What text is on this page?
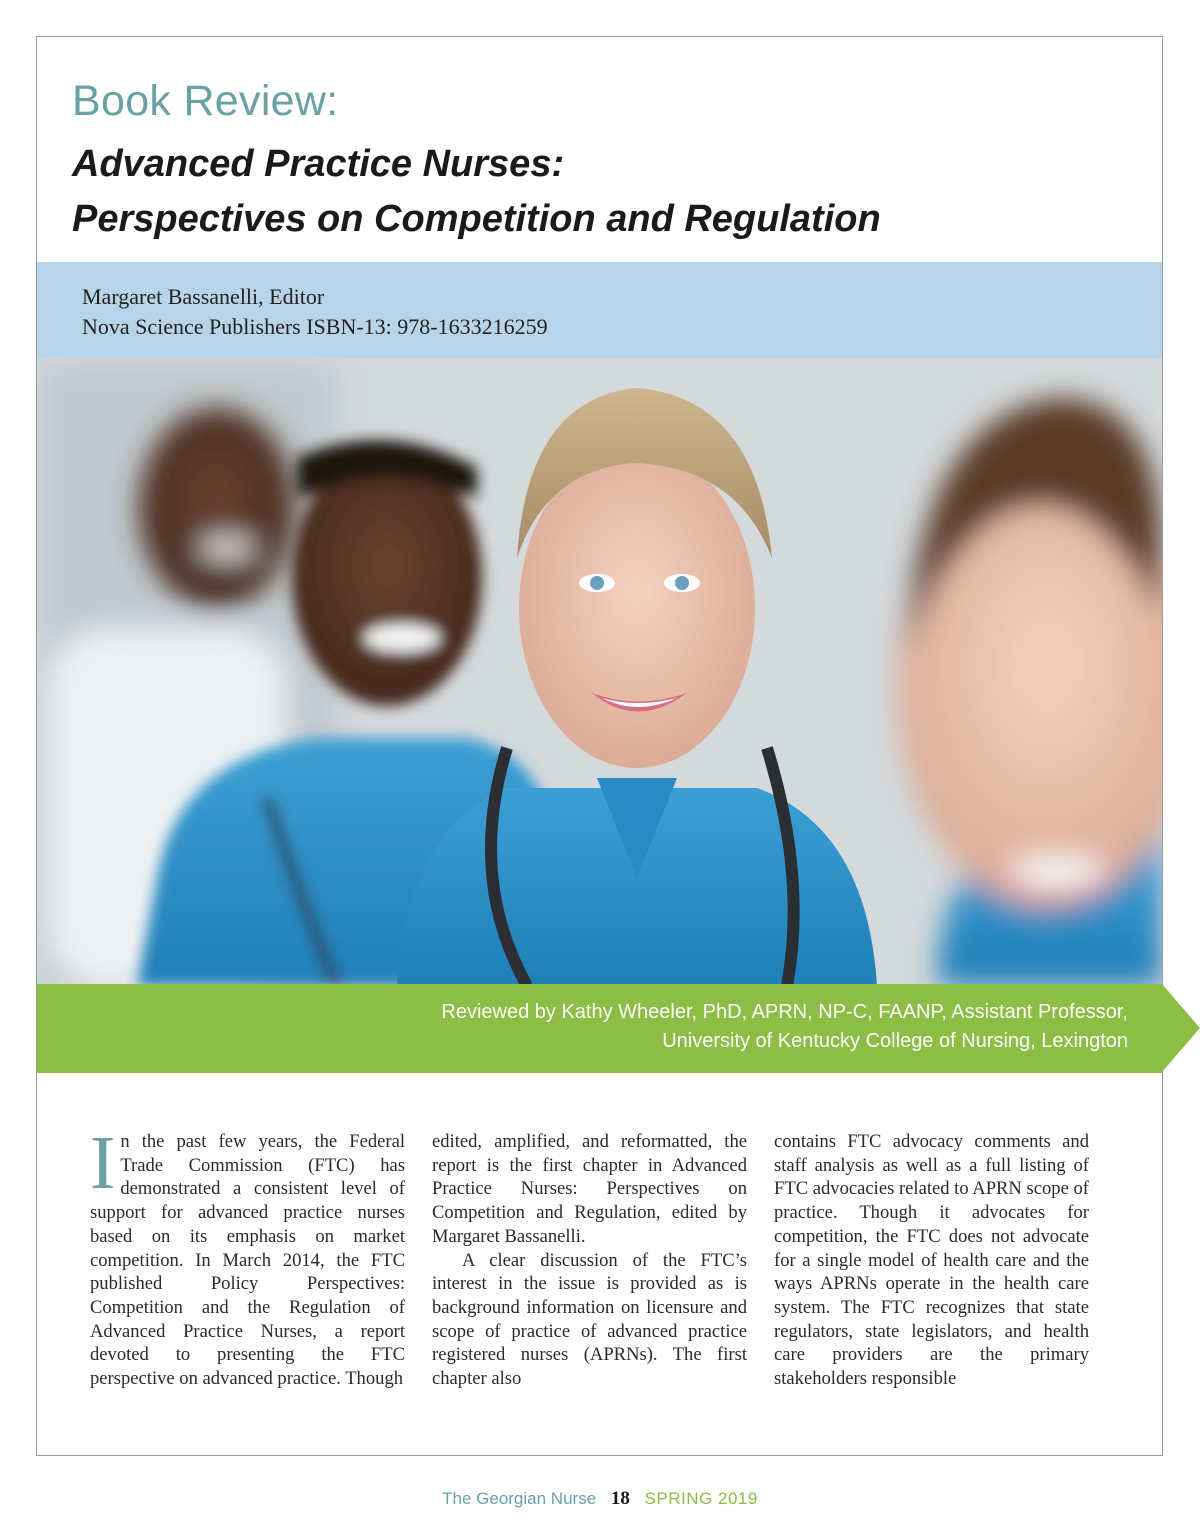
Book Review:
Advanced Practice Nurses:
Perspectives on Competition and Regulation
Margaret Bassanelli, Editor
Nova Science Publishers ISBN-13: 978-1633216259
Reviewed by Kathy Wheeler, PhD, APRN, NP-C, FAANP, Assistant Professor,
University of Kentucky College of Nursing, Lexington

In the past few years, the Federal Trade Commission (FTC) has demonstrated a consistent level of support for advanced practice nurses based on its emphasis on market competition. In March 2014, the FTC published Policy Perspectives: Competition and the Regulation of Advanced Practice Nurses, a report devoted to presenting the FTC perspective on advanced practice. Though

edited, amplified, and reformatted, the report is the first chapter in Advanced Practice Nurses: Perspectives on Competition and Regulation, edited by Margaret Bassanelli.

A clear discussion of the FTC’s interest in the issue is provided as is background information on licensure and scope of practice of advanced practice registered nurses (APRNs). The first chapter also

contains FTC advocacy comments and staff analysis as well as a full listing of FTC advocacies related to APRN scope of practice. Though it advocates for competition, the FTC does not advocate for a single model of health care and the ways APRNs operate in the health care system. The FTC recognizes that state regulators, state legislators, and health care providers are the primary stakeholders responsible

The Georgian Nurse 18 SPRING 2019
